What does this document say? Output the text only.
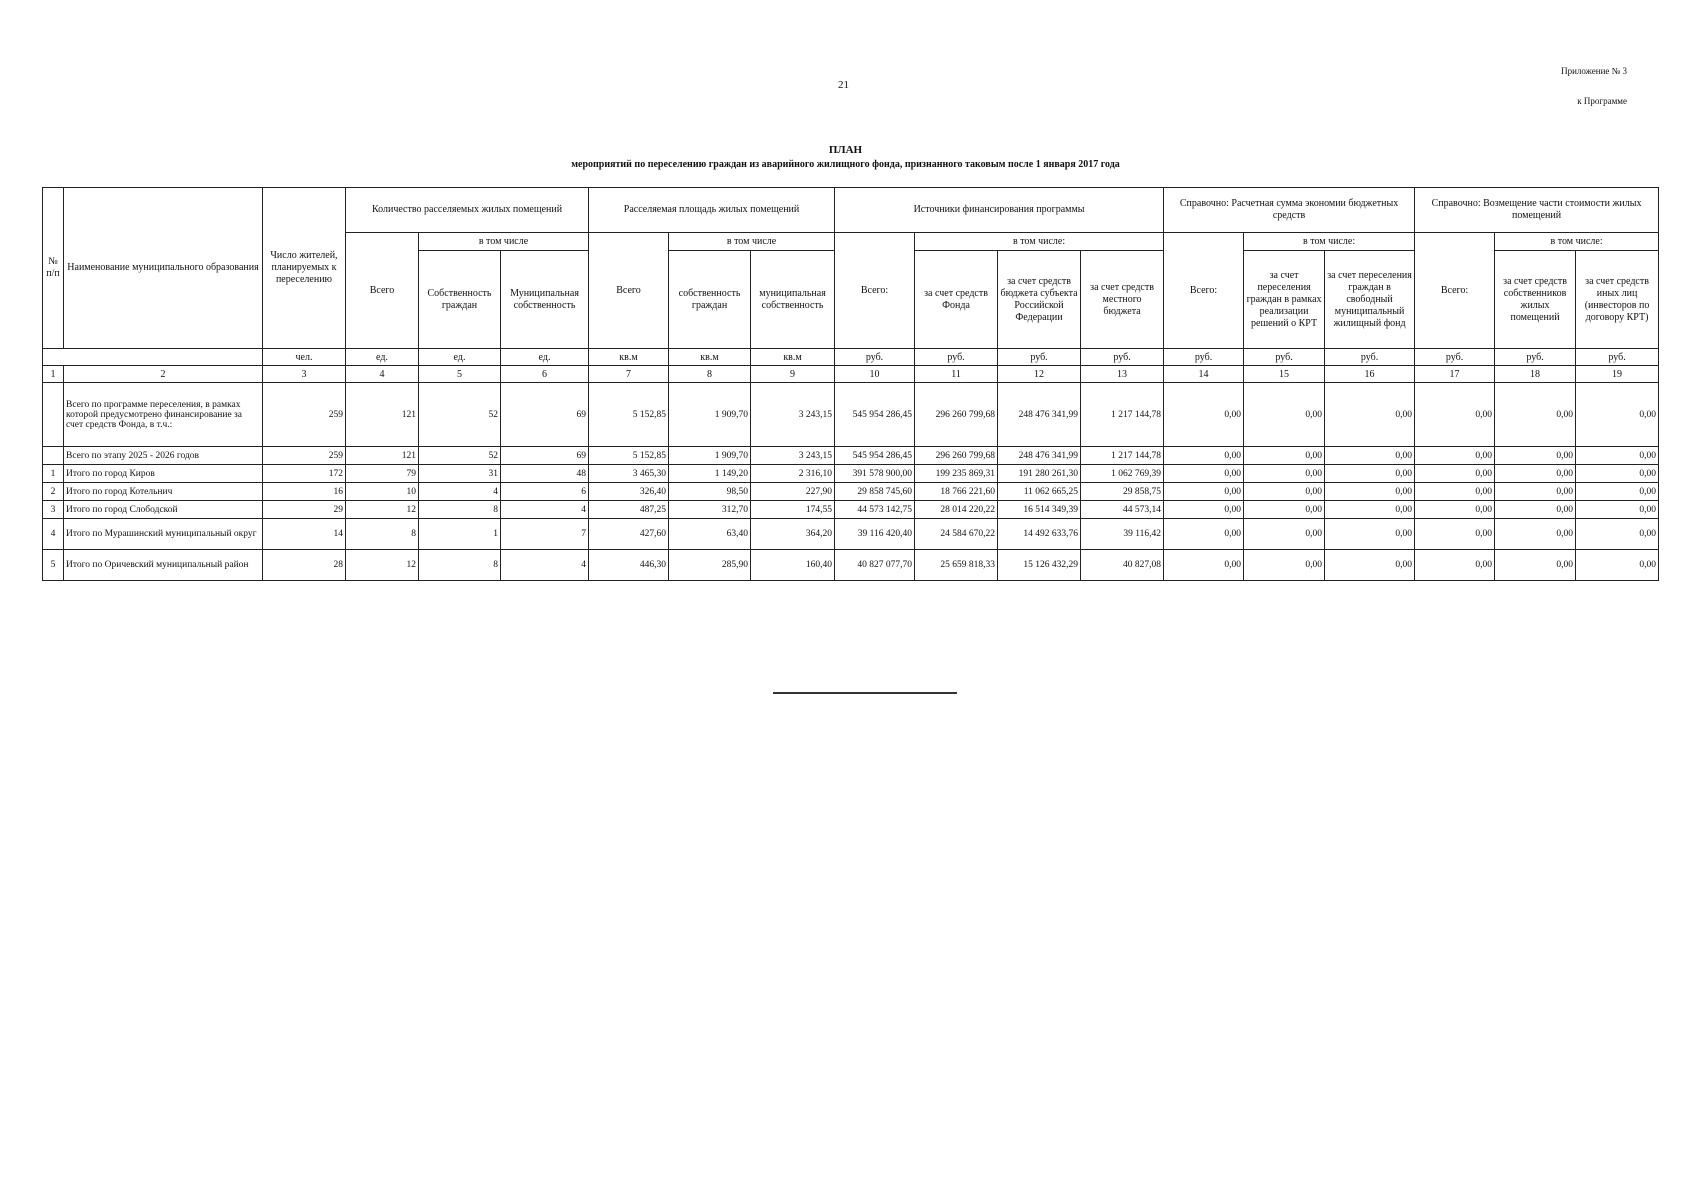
21
Приложение № 3
к Программе
ПЛАН
мероприятий по переселению граждан из аварийного жилищного фонда, признанного таковым после 1 января 2017 года
№ п/п	Наименование муниципального образования	Число жителей, планируемых к переселению	Количество расселяемых жилых помещений			Расселяемая площадь жилых помещений			Источники финансирования программы				Справочно: Расчетная сумма экономии бюджетных средств			Справочно: Возмещение части стоимости жилых помещений		
			Всего	в том числе		Всего	в том числе		Всего:	в том числе:			Всего:	в том числе:		Всего:	в том числе:	
				Собственность граждан	Муниципальная собственность		собственность граждан	муниципальная собственность		за счет средств Фонда	за счет средств бюджета субъекта Российской Федерации	за счет средств местного бюджета		за счет переселения граждан в рамках реализации решений о КРТ	за счет переселения граждан в свободный муниципальный жилищный фонд		за счет средств собственников жилых помещений	за счет средств иных лиц (инвесторов по договору КРТ)
		чел.	ед.	ед.	ед.	кв.м	кв.м	кв.м	руб.	руб.	руб.	руб.	руб.	руб.	руб.	руб.	руб.	руб.
1	2	3	4	5	6	7	8	9	10	11	12	13	14	15	16	17	18	19
	Всего по программе переселения, в рамках которой предусмотрено финансирование за счет средств Фонда, в т.ч.:	259	121	52	69	5 152,85	1 909,70	3 243,15	545 954 286,45	296 260 799,68	248 476 341,99	1 217 144,78	0,00	0,00	0,00	0,00	0,00	0,00
	Всего по этапу 2025 - 2026 годов	259	121	52	69	5 152,85	1 909,70	3 243,15	545 954 286,45	296 260 799,68	248 476 341,99	1 217 144,78	0,00	0,00	0,00	0,00	0,00	0,00
1	Итого по город Киров	172	79	31	48	3 465,30	1 149,20	2 316,10	391 578 900,00	199 235 869,31	191 280 261,30	1 062 769,39	0,00	0,00	0,00	0,00	0,00	0,00
2	Итого по город Котельнич	16	10	4	6	326,40	98,50	227,90	29 858 745,60	18 766 221,60	11 062 665,25	29 858,75	0,00	0,00	0,00	0,00	0,00	0,00
3	Итого по город Слободской	29	12	8	4	487,25	312,70	174,55	44 573 142,75	28 014 220,22	16 514 349,39	44 573,14	0,00	0,00	0,00	0,00	0,00	0,00
4	Итого по Мурашинский муниципальный округ	14	8	1	7	427,60	63,40	364,20	39 116 420,40	24 584 670,22	14 492 633,76	39 116,42	0,00	0,00	0,00	0,00	0,00	0,00
5	Итого по Оричевский муниципальный район	28	12	8	4	446,30	285,90	160,40	40 827 077,70	25 659 818,33	15 126 432,29	40 827,08	0,00	0,00	0,00	0,00	0,00	0,00
